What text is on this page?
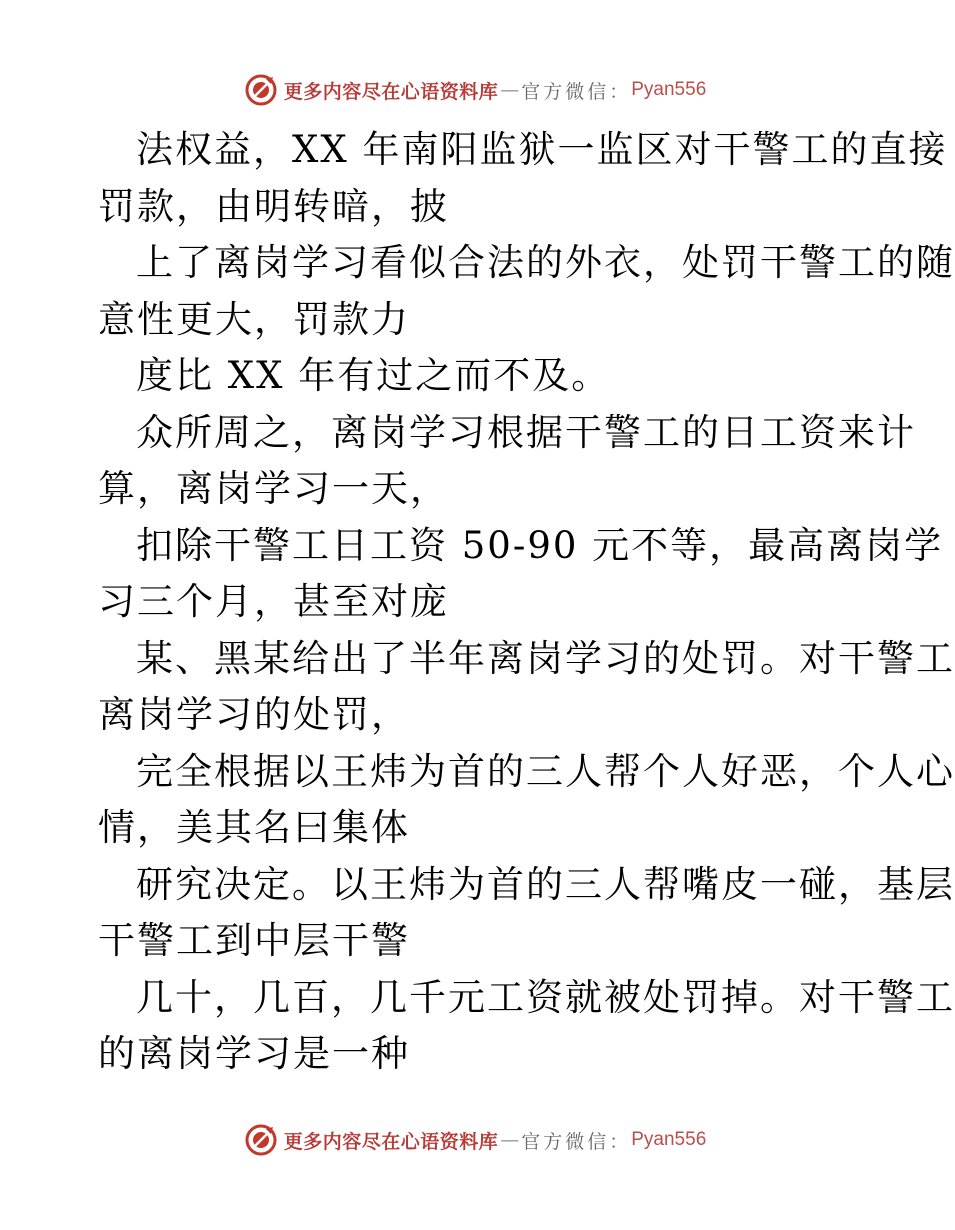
更多内容尽在心语资料库 — 官方微信： Pyan556
法权益，XX 年南阳监狱一监区对干警工的直接
罚款，由明转暗，披
上了离岗学习看似合法的外衣，处罚干警工的随
意性更大，罚款力
度比 XX 年有过之而不及。
众所周之，离岗学习根据干警工的日工资来计
算，离岗学习一天，
扣除干警工日工资 50-90 元不等，最高离岗学
习三个月，甚至对庞
某、黑某给出了半年离岗学习的处罚。对干警工
离岗学习的处罚，
完全根据以王炜为首的三人帮个人好恶，个人心
情，美其名曰集体
研究决定。以王炜为首的三人帮嘴皮一碰，基层
干警工到中层干警
几十，几百，几千元工资就被处罚掉。对干警工
的离岗学习是一种
更多内容尽在心语资料库 — 官方微信： Pyan556
